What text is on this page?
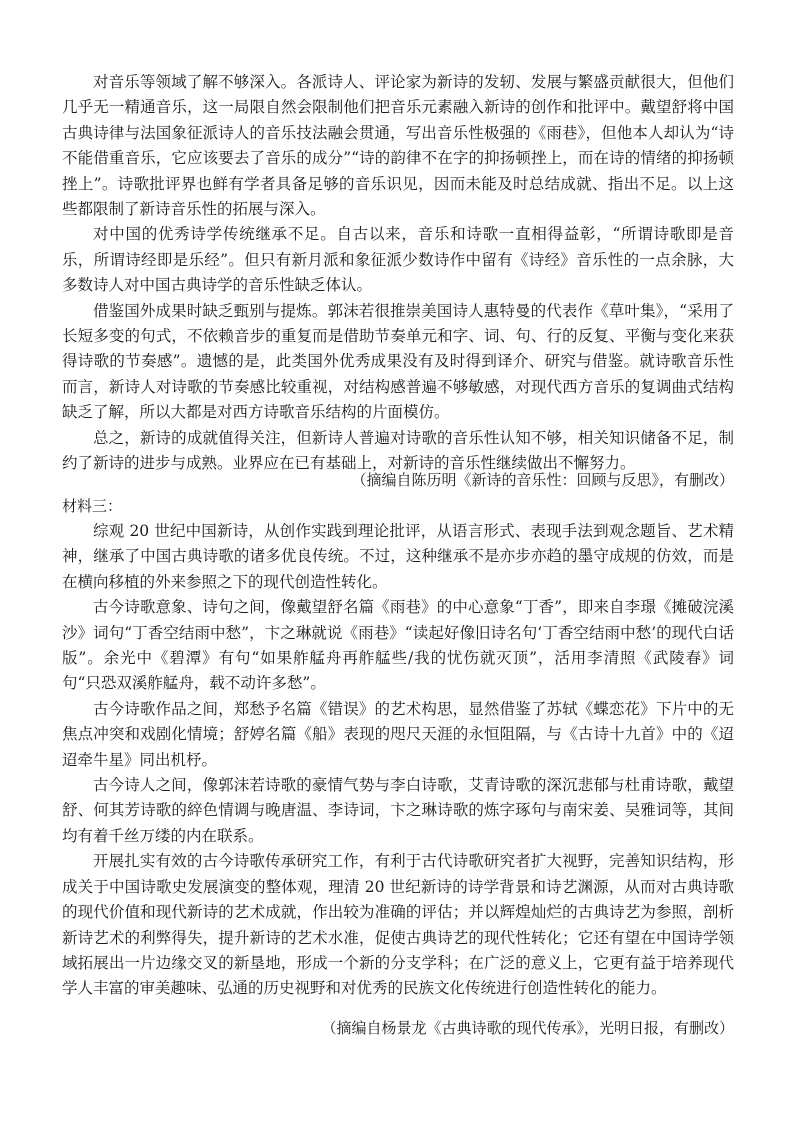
对音乐等领域了解不够深入。各派诗人、评论家为新诗的发轫、发展与繁盛贡献很大，但他们几乎无一精通音乐，这一局限自然会限制他们把音乐元素融入新诗的创作和批评中。戴望舒将中国古典诗律与法国象征派诗人的音乐技法融会贯通，写出音乐性极强的《雨巷》，但他本人却认为“诗不能借重音乐，它应该要去了音乐的成分”“诗的韵律不在字的抑扬顿挫上，而在诗的情绪的抑扬顿挫上”。诗歌批评界也鲜有学者具备足够的音乐识见，因而未能及时总结成就、指出不足。以上这些都限制了新诗音乐性的拓展与深入。

对中国的优秀诗学传统继承不足。自古以来，音乐和诗歌一直相得益彰，“所谓诗歌即是音乐，所谓诗经即是乐经”。但只有新月派和象征派少数诗作中留有《诗经》音乐性的一点余脉，大多数诗人对中国古典诗学的音乐性缺乏体认。

借鉴国外成果时缺乏甄别与提炼。郭沫若很推崇美国诗人惠特曼的代表作《草叶集》，“采用了长短多变的句式，不依赖音步的重复而是借助节奏单元和字、词、句、行的反复、平衡与变化来获得诗歌的节奏感”。遗憾的是，此类国外优秀成果没有及时得到译介、研究与借鉴。就诗歌音乐性而言，新诗人对诗歌的节奏感比较重视，对结构感普遍不够敏感，对现代西方音乐的复调曲式结构缺乏了解，所以大都是对西方诗歌音乐结构的片面模仿。

总之，新诗的成就值得关注，但新诗人普遍对诗歌的音乐性认知不够，相关知识储备不足，制约了新诗的进步与成熟。业界应在已有基础上，对新诗的音乐性继续做出不懈努力。

（摘编自陈历明《新诗的音乐性：回顾与反思》，有删改）

材料三：

综观 20 世纪中国新诗，从创作实践到理论批评，从语言形式、表现手法到观念题旨、艺术精神，继承了中国古典诗歌的诸多优良传统。不过，这种继承不是亦步亦趋的墨守成规的仿效，而是在横向移植的外来参照之下的现代创造性转化。

古今诗歌意象、诗句之间，像戴望舒名篇《雨巷》的中心意象“丁香”，即来自李璟《摊破浣溪沙》词句“丁香空结雨中愁”，卞之琳就说《雨巷》“读起好像旧诗名句‘丁香空结雨中愁’的现代白话版”。余光中《碧潭》有句“如果舴艋舟再舴艋些/我的忧伤就灭顶”，活用李清照《武陵春》词句“只恐双溪舴艋舟，载不动许多愁”。

古今诗歌作品之间，郑愁予名篇《错误》的艺术构思，显然借鉴了苏轼《蝶恋花》下片中的无焦点冲突和戏剧化情境；舒婷名篇《船》表现的咫尺天涯的永恒阻隔，与《古诗十九首》中的《迢迢牵牛星》同出机杼。

古今诗人之间，像郭沫若诗歌的豪情气势与李白诗歌，艾青诗歌的深沉悲郁与杜甫诗歌，戴望舒、何其芳诗歌的綷色情调与晚唐温、李诗词，卞之琳诗歌的炼字琢句与南宋姜、吴雅词等，其间均有着千丝万缕的内在联系。

开展扎实有效的古今诗歌传承研究工作，有利于古代诗歌研究者扩大视野，完善知识结构，形成关于中国诗歌史发展演变的整体观，理清 20 世纪新诗的诗学背景和诗艺渊源，从而对古典诗歌的现代价值和现代新诗的艺术成就，作出较为准确的评估；并以辉煌灿烂的古典诗艺为参照，剖析新诗艺术的利弊得失，提升新诗的艺术水准，促使古典诗艺的现代性转化；它还有望在中国诗学领域拓展出一片边缘交叉的新垦地，形成一个新的分支学科；在广泛的意义上，它更有益于培养现代学人丰富的审美趣味、弘通的历史视野和对优秀的民族文化传统进行创造性转化的能力。

（摘编自杨景龙《古典诗歌的现代传承》，光明日报，有删改）
